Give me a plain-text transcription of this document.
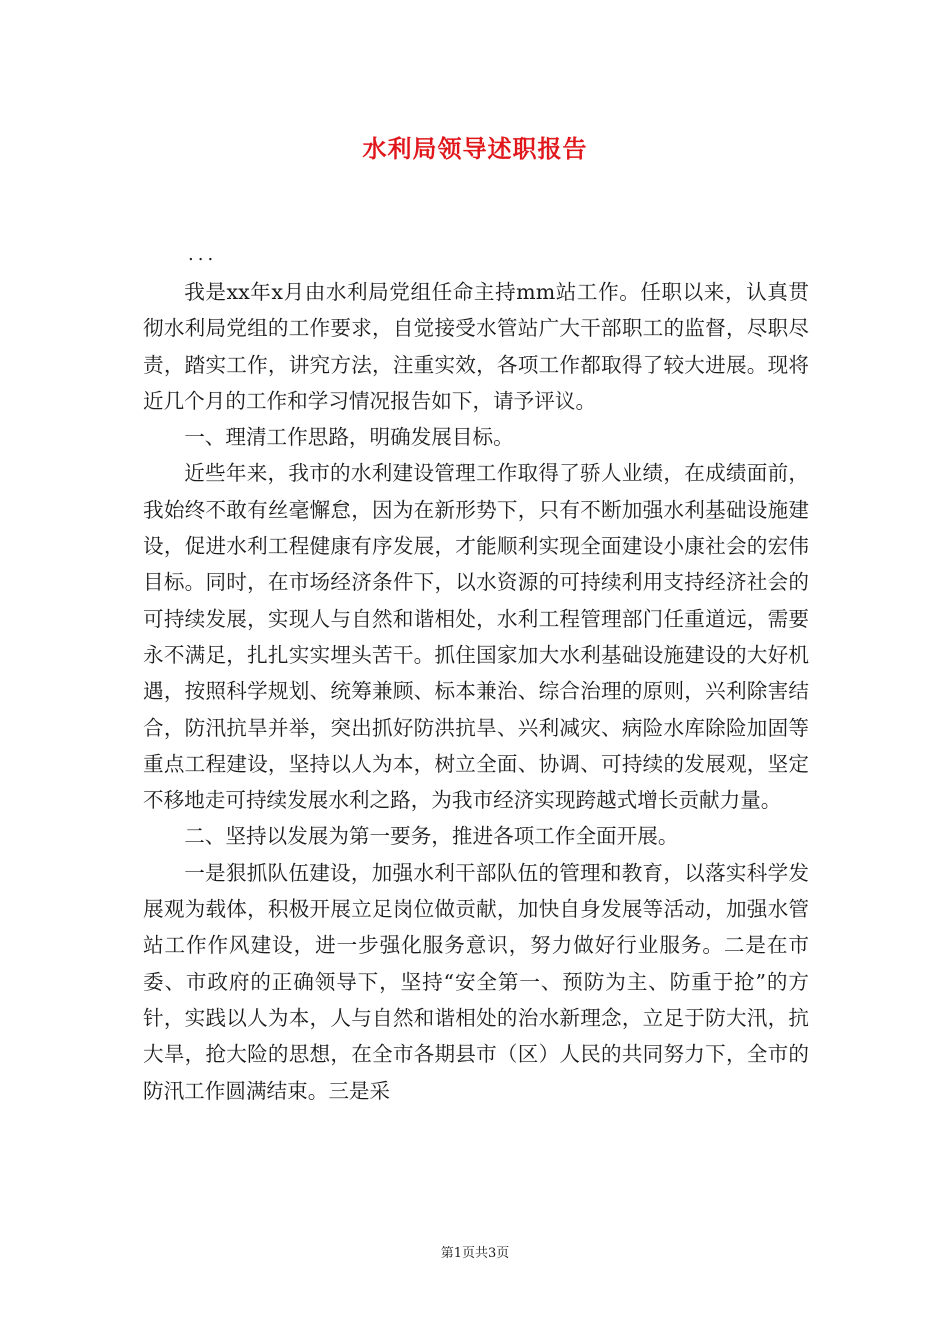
水利局领导述职报告
...

我是xx年x月由水利局党组任命主持mm站工作。任职以来，认真贯彻水利局党组的工作要求，自觉接受水管站广大干部职工的监督，尽职尽责，踏实工作，讲究方法，注重实效，各项工作都取得了较大进展。现将近几个月的工作和学习情况报告如下，请予评议。

一、理清工作思路，明确发展目标。

近些年来，我市的水利建设管理工作取得了骄人业绩，在成绩面前，我始终不敢有丝毫懈怠，因为在新形势下，只有不断加强水利基础设施建设，促进水利工程健康有序发展，才能顺利实现全面建设小康社会的宏伟目标。同时，在市场经济条件下，以水资源的可持续利用支持经济社会的可持续发展，实现人与自然和谐相处，水利工程管理部门任重道远，需要永不满足，扎扎实实埋头苦干。抓住国家加大水利基础设施建设的大好机遇，按照科学规划、统筹兼顾、标本兼治、综合治理的原则，兴利除害结合，防汛抗旱并举，突出抓好防洪抗旱、兴利减灾、病险水库除险加固等重点工程建设，坚持以人为本，树立全面、协调、可持续的发展观，坚定不移地走可持续发展水利之路，为我市经济实现跨越式增长贡献力量。

二、坚持以发展为第一要务，推进各项工作全面开展。

一是狠抓队伍建设，加强水利干部队伍的管理和教育，以落实科学发展观为载体，积极开展立足岗位做贡献，加快自身发展等活动，加强水管站工作作风建设，进一步强化服务意识，努力做好行业服务。二是在市委、市政府的正确领导下，坚持“安全第一、预防为主、防重于抢”的方针，实践以人为本，人与自然和谐相处的治水新理念，立足于防大汛，抗大旱，抢大险的思想，在全市各期县市（区）人民的共同努力下，全市的防汛工作圆满结束。三是采

第1页共3页
